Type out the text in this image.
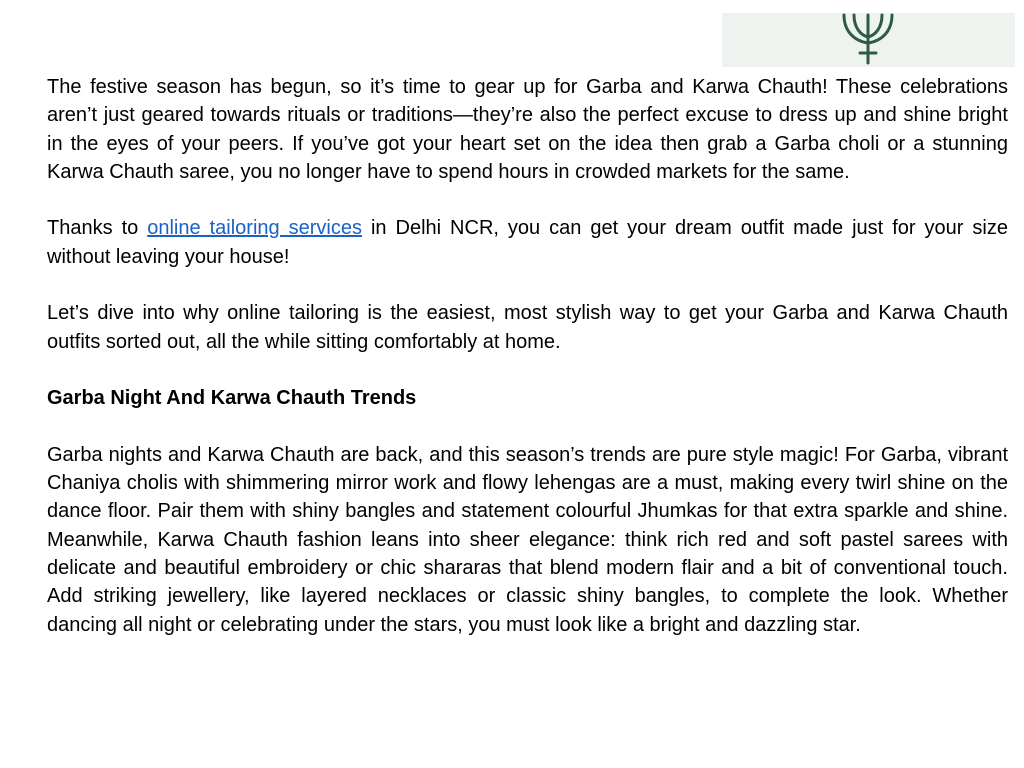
The festive season has begun, so it’s time to gear up for Garba and Karwa Chauth! These celebrations aren’t just geared towards rituals or traditions—they’re also the perfect excuse to dress up and shine bright in the eyes of your peers. If you’ve got your heart set on the idea then grab a Garba choli or a stunning Karwa Chauth saree, you no longer have to spend hours in crowded markets for the same.

Thanks to online tailoring services in Delhi NCR, you can get your dream outfit made just for your size without leaving your house!

Let’s dive into why online tailoring is the easiest, most stylish way to get your Garba and Karwa Chauth outfits sorted out, all the while sitting comfortably at home.

Garba Night And Karwa Chauth Trends

Garba nights and Karwa Chauth are back, and this season’s trends are pure style magic! For Garba, vibrant Chaniya cholis with shimmering mirror work and flowy lehengas are a must, making every twirl shine on the dance floor. Pair them with shiny bangles and statement colourful Jhumkas for that extra sparkle and shine. Meanwhile, Karwa Chauth fashion leans into sheer elegance: think rich red and soft pastel sarees with delicate and beautiful embroidery or chic shararas that blend modern flair and a bit of conventional touch. Add striking jewellery, like layered necklaces or classic shiny bangles, to complete the look. Whether dancing all night or celebrating under the stars, you must look like a bright and dazzling star.
